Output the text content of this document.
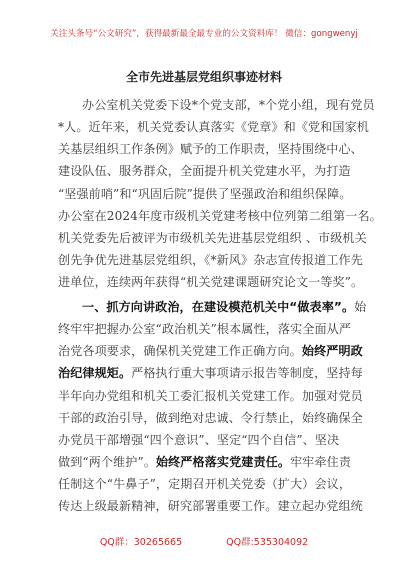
关注头条号“公文研究”，获得最新最全最专业的公文资料库！ 微信：gongwenyj
全市先进基层党组织事迹材料
办公室机关党委下设*个党支部，*个党小组，现有党员
*人。近年来，机关党委认真落实《党章》和《党和国家机
关基层组织工作条例》赋予的工作职责，坚持围绕中心、
建设队伍、服务群众，全面提升机关党建水平，为打造
“坚强前哨”和“巩固后院”提供了坚强政治和组织保障。
办公室在2024年度市级机关党建考核中位列第二组第一名。
机关党委先后被评为市级机关先进基层党组织 、市级机关
创先争优先进基层党组织，《*新风》杂志宣传报道工作先
进单位，连续两年获得“机关党建课题研究论文一等奖”。
一、抓方向讲政治，在建设模范机关中“做表率”。始
终牢牢把握办公室“政治机关”根本属性，落实全面从严
治党各项要求，确保机关党建工作正确方向。始终严明政
治纪律规矩。严格执行重大事项请示报告等制度，坚持每
半年向办党组和机关工委汇报机关党建工作。加强对党员
干部的政治引导，做到绝对忠诚、令行禁止，始终确保全
办党员干部增强“四个意识”、坚定“四个自信”、坚决
做到“两个维护”。始终严格落实党建责任。牢牢牵住责
任制这个“牛鼻子”，定期召开机关党委（扩大）会议，
传达上级最新精神，研究部署重要工作。建立起办党组统
QQ群：30265665	QQ群:535304092
